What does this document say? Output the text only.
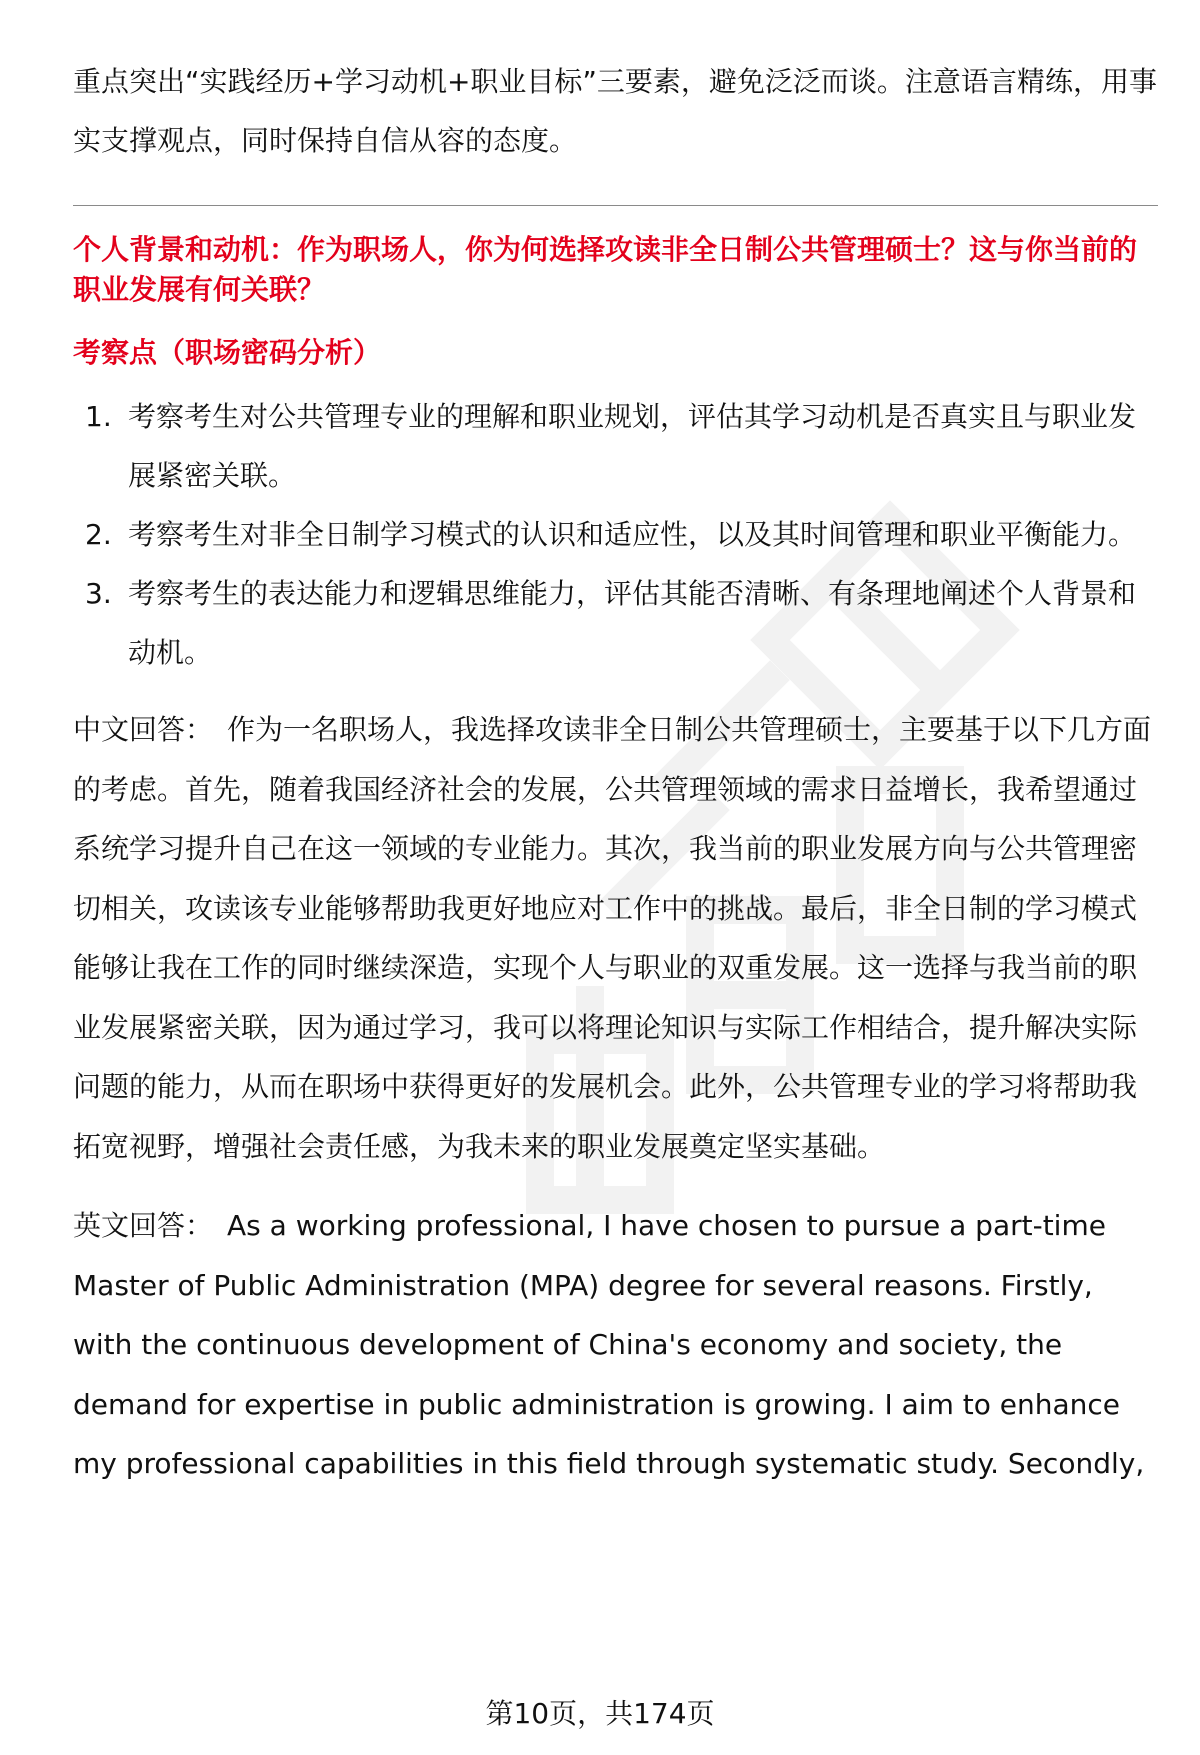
重点突出“实践经历+学习动机+职业目标”三要素，避免泛泛而谈。注意语言精练，用事实支撑观点，同时保持自信从容的态度。

个人背景和动机：作为职场人，你为何选择攻读非全日制公共管理硕士？这与你当前的职业发展有何关联？

考察点（职场密码分析）

1. 考察考生对公共管理专业的理解和职业规划，评估其学习动机是否真实且与职业发展紧密关联。
2. 考察考生对非全日制学习模式的认识和适应性，以及其时间管理和职业平衡能力。
3. 考察考生的表达能力和逻辑思维能力，评估其能否清晰、有条理地阐述个人背景和动机。

中文回答： 作为一名职场人，我选择攻读非全日制公共管理硕士，主要基于以下几方面的考虑。首先，随着我国经济社会的发展，公共管理领域的需求日益增长，我希望通过系统学习提升自己在这一领域的专业能力。其次，我当前的职业发展方向与公共管理密切相关，攻读该专业能够帮助我更好地应对工作中的挑战。最后，非全日制的学习模式能够让我在工作的同时继续深造，实现个人与职业的双重发展。这一选择与我当前的职业发展紧密关联，因为通过学习，我可以将理论知识与实际工作相结合，提升解决实际问题的能力，从而在职场中获得更好的发展机会。此外，公共管理专业的学习将帮助我拓宽视野，增强社会责任感，为我未来的职业发展奠定坚实基础。

英文回答： As a working professional, I have chosen to pursue a part-time Master of Public Administration (MPA) degree for several reasons. Firstly, with the continuous development of China's economy and society, the demand for expertise in public administration is growing. I aim to enhance my professional capabilities in this field through systematic study. Secondly,

第10页，共174页
